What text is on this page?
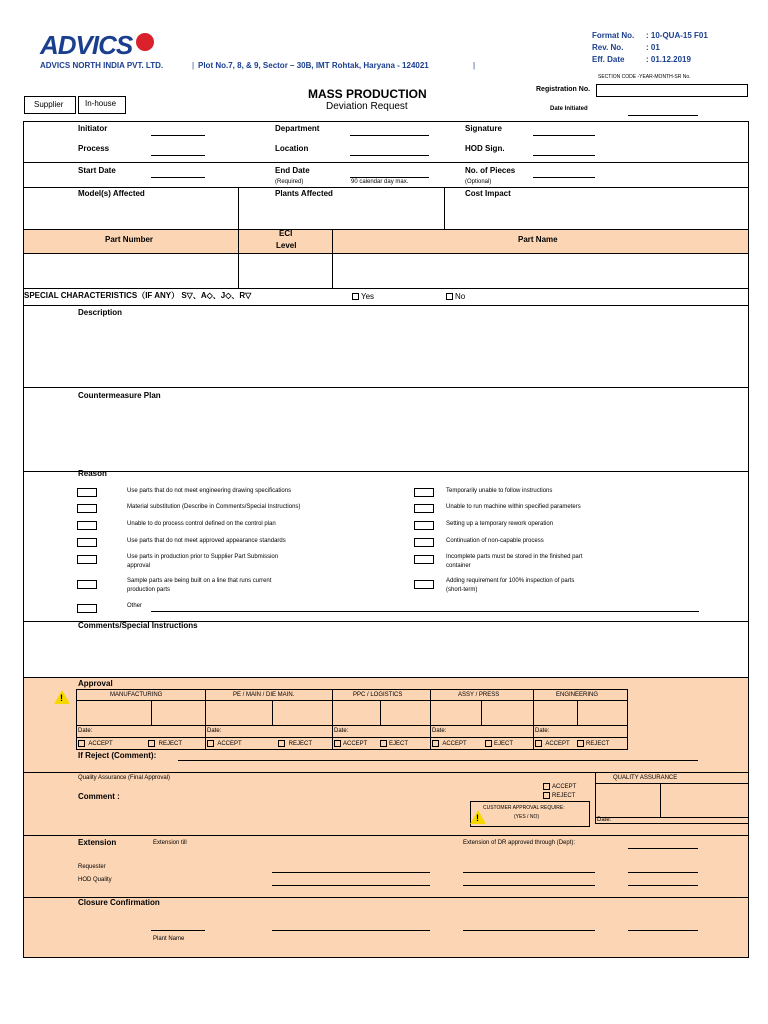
ADVICS
ADVICS NORTH INDIA PVT. LTD.	| Plot No.7, 8, & 9, Sector – 30B, IMT Rohtak, Haryana - 124021	|
Format No. : 10-QUA-15 F01
Rev. No.	: 01
Eff. Date	: 01.12.2019
SECTION CODE -YEAR-MONTH-SR No.
Registration No.
Date Initiated
Supplier	In-house
MASS PRODUCTION
Deviation Request
Initiator	Department	Signature
Process	Location	HOD Sign.
Start Date	End Date
(Required)	90 calendar day max.
No. of Pieces
(Optional)
Model(s) Affected	Plants Affected	Cost Impact
Part Number
ECI
Level
Part Name
SPECIAL CHARACTERISTICS（IF ANY） S▽、A◇、J◇、R▽	Yes	No
Description
Countermeasure Plan
Reason
Use parts that do not meet engineering drawing specifications
Material substitution (Describe in Comments/Special Instructions)
Unable to do process control defined on the control plan
Use parts that do not meet approved appearance standards
Use parts in production prior to Supplier Part Submission
approval
Sample parts are being built on a line that runs current
production parts
Other
Temporarily unable to follow instructions
Unable to run machine within specified parameters
Setting up a temporary rework operation
Continuation of non-capable process
Incomplete parts must be stored in the finished part
container
Adding requirement for 100% inspection of parts
(short-term)
Comments/Special Instructions
Approval
!	MANUFACTURING	PE / MAIN / DIE MAIN.	PPC / LOGISTICS	ASSY / PRESS	ENGINEERING
Date:	Date:	Date:	Date:	Date:
ACCEPT	REJECT	ACCEPT	REJECT	ACCEPT	EJECT	ACCEPT	EJECT	ACCEPT	REJECT
If Reject (Comment):
Quality Assurance (Final Approval)	QUALITY ASSURANCE
Date:
Comment :
ACCEPT
REJECT
!
CUSTOMER APPROVAL REQUIRE:
(YES / NO)
Extension	Extension till	Extension of DR approved through (Dept):
Requester
HOD Quality
Closure Confirmation
Plant Name
